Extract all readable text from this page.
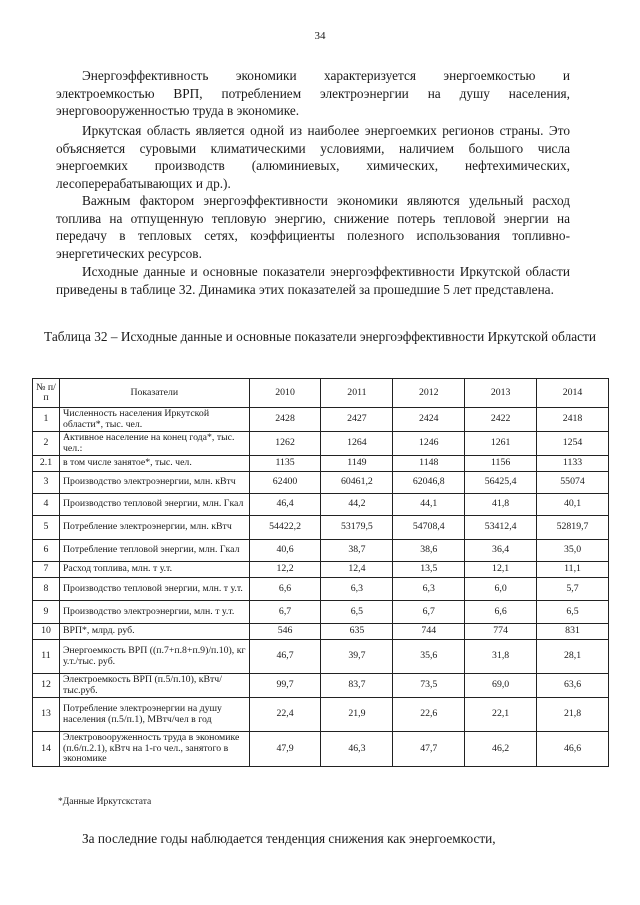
34

Энергоэффективность экономики характеризуется энергоемкостью и электроемкостью ВРП, потреблением электроэнергии на душу населения, энерговооруженностью труда в экономике.

Иркутская область является одной из наиболее энергоемких регионов страны. Это объясняется суровыми климатическими условиями, наличием большого числа энергоемких производств (алюминиевых, химических, нефтехимических, лесоперерабатывающих и др.).

Важным фактором энергоэффективности экономики являются удельный расход топлива на отпущенную тепловую энергию, снижение потерь тепловой энергии на передачу в тепловых сетях, коэффициенты полезного использования топливно-энергетических ресурсов.

Исходные данные и основные показатели энергоэффективности Иркутской области приведены в таблице 32. Динамика этих показателей за прошедшие 5 лет представлена.

Таблица 32 – Исходные данные и основные показатели энергоэффективности Иркутской области
№ п/п	Показатели	2010	2011	2012	2013	2014
1	Численность населения Иркутской области*, тыс. чел.	2428	2427	2424	2422	2418
2	Активное население на конец года*, тыс. чел.:	1262	1264	1246	1261	1254
2.1	в том числе занятое*, тыс. чел.	1135	1149	1148	1156	1133
3	Производство электроэнергии, млн. кВтч	62400	60461,2	62046,8	56425,4	55074
4	Производство тепловой энергии, млн. Гкал	46,4	44,2	44,1	41,8	40,1
5	Потребление электроэнергии, млн. кВтч	54422,2	53179,5	54708,4	53412,4	52819,7
6	Потребление тепловой энергии, млн. Гкал	40,6	38,7	38,6	36,4	35,0
7	Расход топлива, млн. т у.т.	12,2	12,4	13,5	12,1	11,1
8	Производство тепловой энергии, млн. т у.т.	6,6	6,3	6,3	6,0	5,7
9	Производство электроэнергии, млн. т у.т.	6,7	6,5	6,7	6,6	6,5
10	ВРП*, млрд. руб.	546	635	744	774	831
11	Энергоемкость ВРП ((п.7+п.8+п.9)/п.10), кг у.т./тыс. руб.	46,7	39,7	35,6	31,8	28,1
12	Электроемкость ВРП (п.5/п.10), кВтч/тыс.руб.	99,7	83,7	73,5	69,0	63,6
13	Потребление электроэнергии на душу населения (п.5/п.1), МВтч/чел в год	22,4	21,9	22,6	22,1	21,8
14	Электровооруженность труда в экономике (п.6/п.2.1), кВтч на 1-го чел., занятого в экономике	47,9	46,3	47,7	46,2	46,6
*Данные Иркутскстата

За последние годы наблюдается тенденция снижения как энергоемкости,
